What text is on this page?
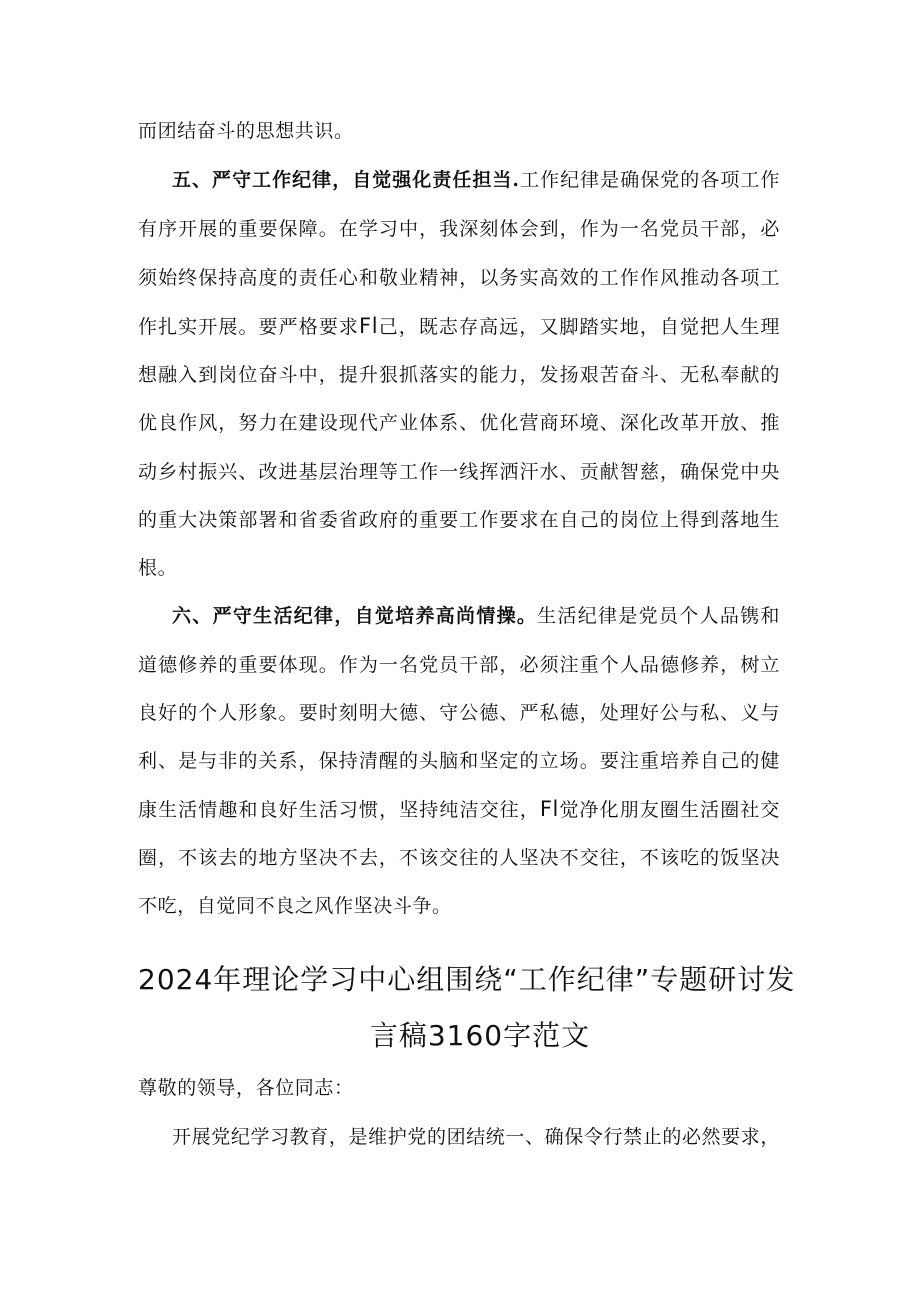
而团结奋斗的思想共识。
五、严守工作纪律，自觉强化责任担当.工作纪律是确保党的各项工作
有序开展的重要保障。在学习中，我深刻体会到，作为一名党员干部，必
须始终保持高度的责任心和敬业精神，以务实高效的工作作风推动各项工
作扎实开展。要严格要求Fl己，既志存高远，又脚踏实地，自觉把人生理
想融入到岗位奋斗中，提升狠抓落实的能力，发扬艰苦奋斗、无私奉献的
优良作风，努力在建设现代产业体系、优化营商环境、深化改革开放、推
动乡村振兴、改进基层治理等工作一线挥洒汗水、贡献智慈，确保党中央
的重大决策部署和省委省政府的重要工作要求在自己的岗位上得到落地生
根。
六、严守生活纪律，自觉培养高尚情操。生活纪律是党员个人品镌和
道德修养的重要体现。作为一名党员干部，必须注重个人品德修养，树立
良好的个人形象。要时刻明大德、守公德、严私德，处理好公与私、义与
利、是与非的关系，保持清醒的头脑和坚定的立场。要注重培养自己的健
康生活情趣和良好生活习惯，坚持纯洁交往，Fl觉净化朋友圈生活圈社交
圈，不该去的地方坚决不去，不该交往的人坚决不交往，不该吃的饭坚决
不吃，自觉同不良之风作坚决斗争。
2024年理论学习中心组围绕“工作纪律”专题研讨发
言稿3160字范文
尊敬的领导，各位同志：
开展党纪学习教育，是维护党的团结统一、确保令行禁止的必然要求，
